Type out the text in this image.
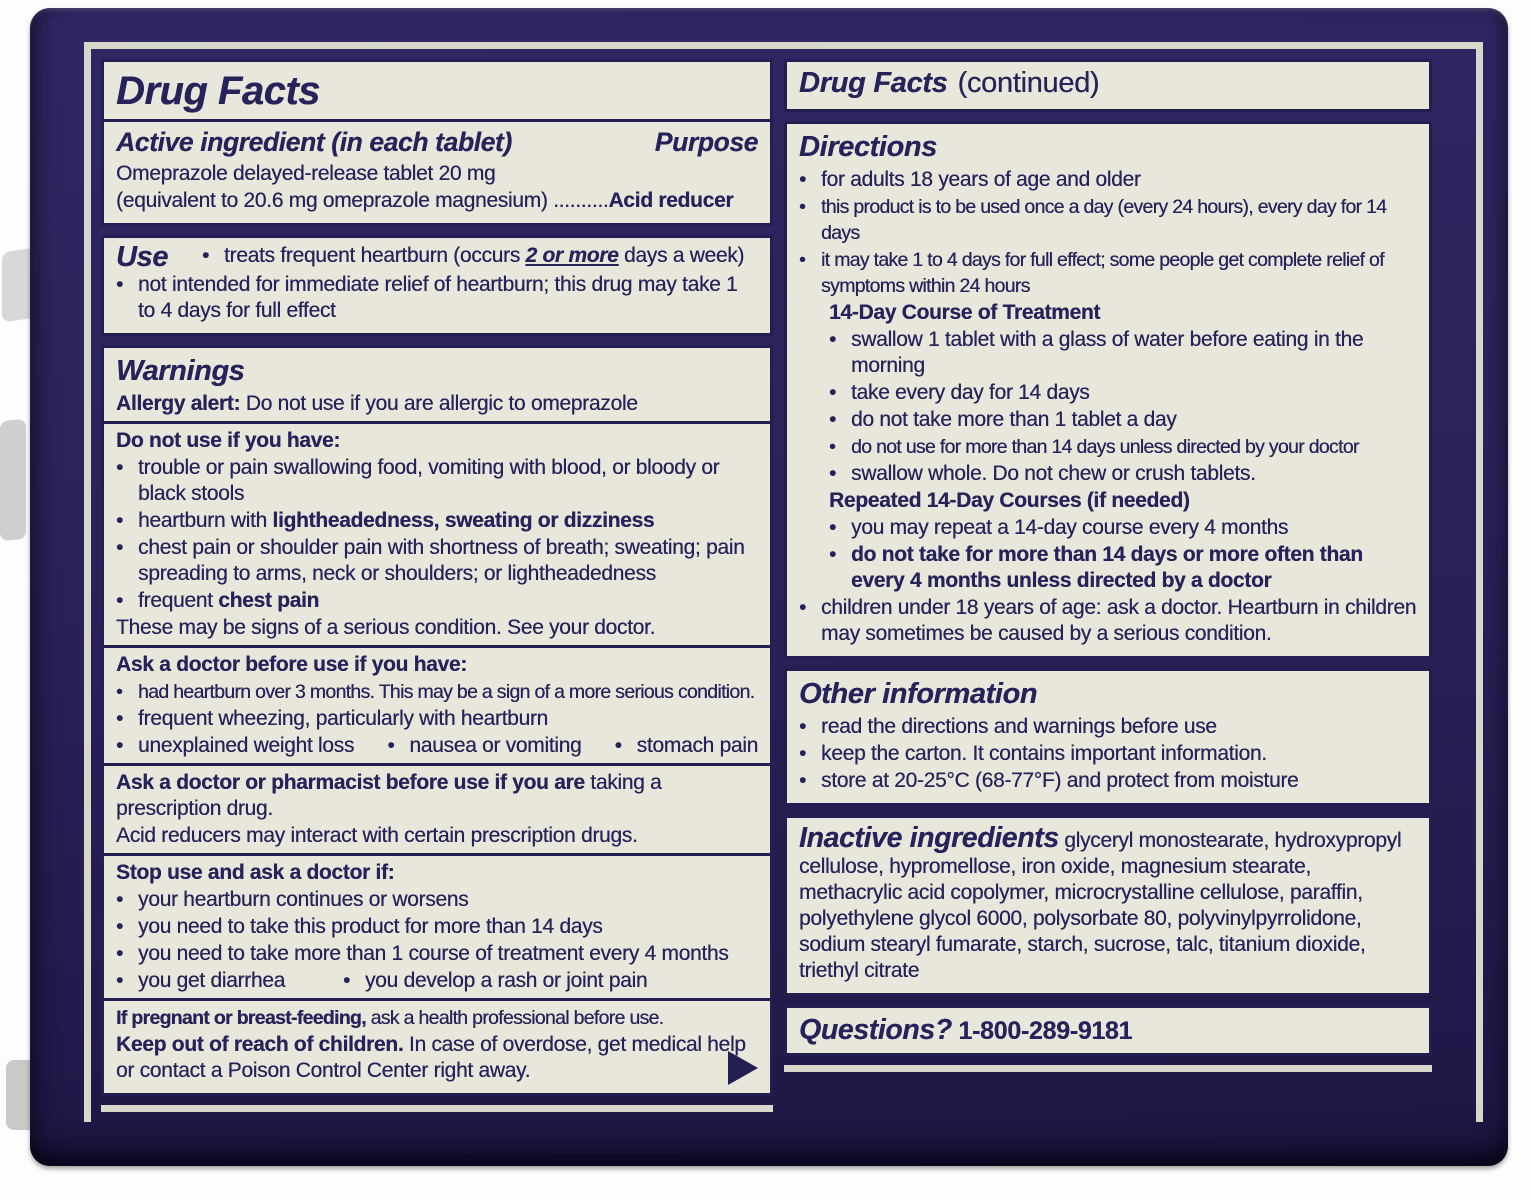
Drug Facts
Active ingredient (in each tablet)	Purpose
Omeprazole delayed-release tablet 20 mg
(equivalent to 20.6 mg omeprazole magnesium) ..........Acid reducer
Use • treats frequent heartburn (occurs 2 or more days a week)
• not intended for immediate relief of heartburn; this drug may take 1 to 4 days for full effect
Warnings
Allergy alert: Do not use if you are allergic to omeprazole
Do not use if you have:
• trouble or pain swallowing food, vomiting with blood, or bloody or black stools
• heartburn with lightheadedness, sweating or dizziness
• chest pain or shoulder pain with shortness of breath; sweating; pain spreading to arms, neck or shoulders; or lightheadedness
• frequent chest pain
These may be signs of a serious condition. See your doctor.
Ask a doctor before use if you have:
• had heartburn over 3 months. This may be a sign of a more serious condition.
• frequent wheezing, particularly with heartburn
• unexplained weight loss • nausea or vomiting • stomach pain
Ask a doctor or pharmacist before use if you are taking a prescription drug.
Acid reducers may interact with certain prescription drugs.
Stop use and ask a doctor if:
• your heartburn continues or worsens
• you need to take this product for more than 14 days
• you need to take more than 1 course of treatment every 4 months
• you get diarrhea	• you develop a rash or joint pain
If pregnant or breast-feeding, ask a health professional before use.
Keep out of reach of children. In case of overdose, get medical help or contact a Poison Control Center right away.
Drug Facts (continued)
Directions
• for adults 18 years of age and older
• this product is to be used once a day (every 24 hours), every day for 14 days
• it may take 1 to 4 days for full effect; some people get complete relief of symptoms within 24 hours
14-Day Course of Treatment
• swallow 1 tablet with a glass of water before eating in the morning
• take every day for 14 days
• do not take more than 1 tablet a day
• do not use for more than 14 days unless directed by your doctor
• swallow whole. Do not chew or crush tablets.
Repeated 14-Day Courses (if needed)
• you may repeat a 14-day course every 4 months
• do not take for more than 14 days or more often than every 4 months unless directed by a doctor
• children under 18 years of age: ask a doctor. Heartburn in children may sometimes be caused by a serious condition.
Other information
• read the directions and warnings before use
• keep the carton. It contains important information.
• store at 20-25°C (68-77°F) and protect from moisture
Inactive ingredients glyceryl monostearate, hydroxypropyl cellulose, hypromellose, iron oxide, magnesium stearate, methacrylic acid copolymer, microcrystalline cellulose, paraffin, polyethylene glycol 6000, polysorbate 80, polyvinylpyrrolidone, sodium stearyl fumarate, starch, sucrose, talc, titanium dioxide, triethyl citrate
Questions? 1-800-289-9181
